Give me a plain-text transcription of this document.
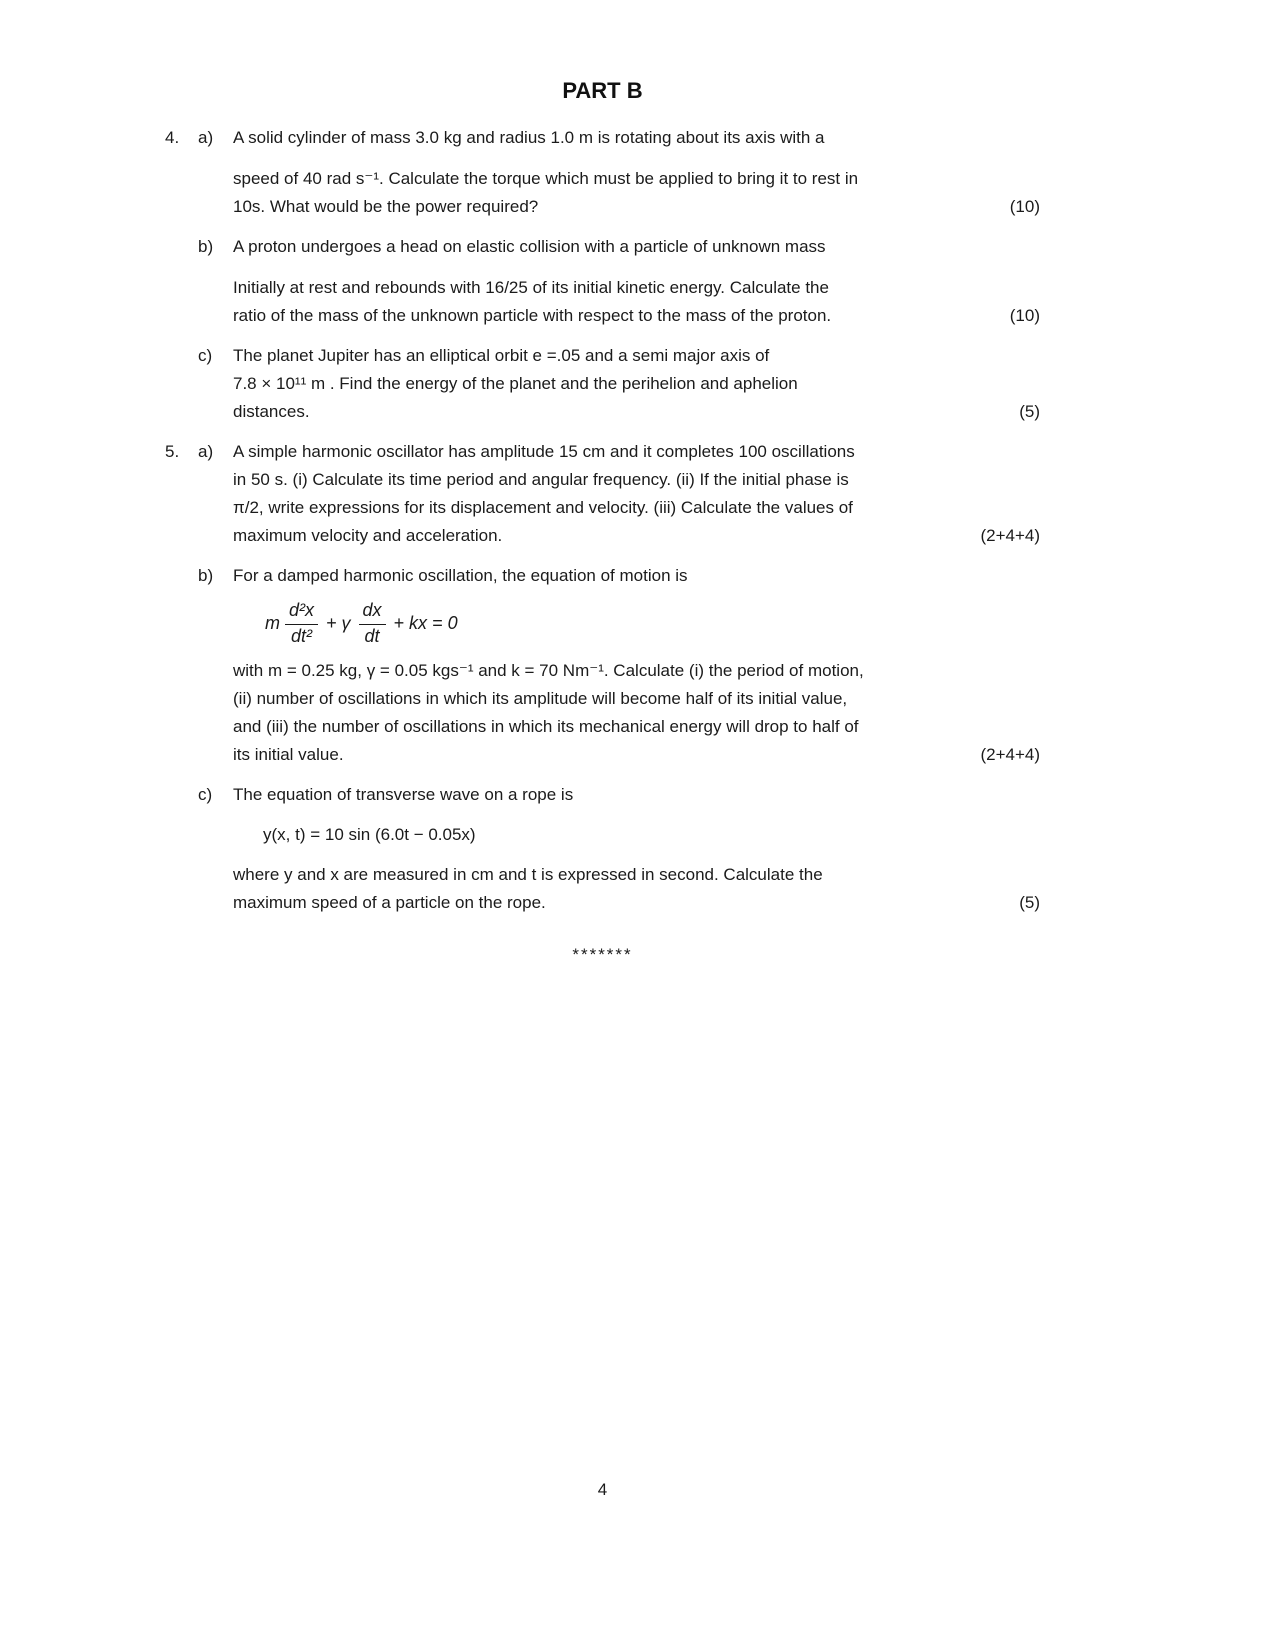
PART B
4.	a)	A solid cylinder of mass 3.0 kg and radius 1.0 m is rotating about its axis with a
speed of 40 rad s⁻¹. Calculate the torque which must be applied to bring it to rest in
10s. What would be the power required?	(10)
b)	A proton undergoes a head on elastic collision with a particle of unknown mass
Initially at rest and rebounds with 16/25 of its initial kinetic energy. Calculate the
ratio of the mass of the unknown particle with respect to the mass of the proton.	(10)
c)	The planet Jupiter has an elliptical orbit e =.05 and a semi major axis of
7.8 × 10¹¹ m . Find the energy of the planet and the perihelion and aphelion
distances.	(5)
5.	a)	A simple harmonic oscillator has amplitude 15 cm and it completes 100 oscillations
in 50 s. (i) Calculate its time period and angular frequency. (ii) If the initial phase is
π/2, write expressions for its displacement and velocity. (iii) Calculate the values of
maximum velocity and acceleration.	(2+4+4)
b)	For a damped harmonic oscillation, the equation of motion is
m $\frac{\text{d²x}}{\text{dt²}} + \gamma \frac{dx}{dt}$ + kx = 0
with m = 0.25 kg, γ = 0.05 kgs⁻¹ and k = 70 Nm⁻¹. Calculate (i) the period of motion,
(ii) number of oscillations in which its amplitude will become half of its initial value,
and (iii) the number of oscillations in which its mechanical energy will drop to half of
its initial value.	(2+4+4)
c)	The equation of transverse wave on a rope is
y(x, t) = 10 sin (6.0t − 0.05x)
where y and x are measured in cm and t is expressed in second. Calculate the
maximum speed of a particle on the rope.	(5)
*******
4
